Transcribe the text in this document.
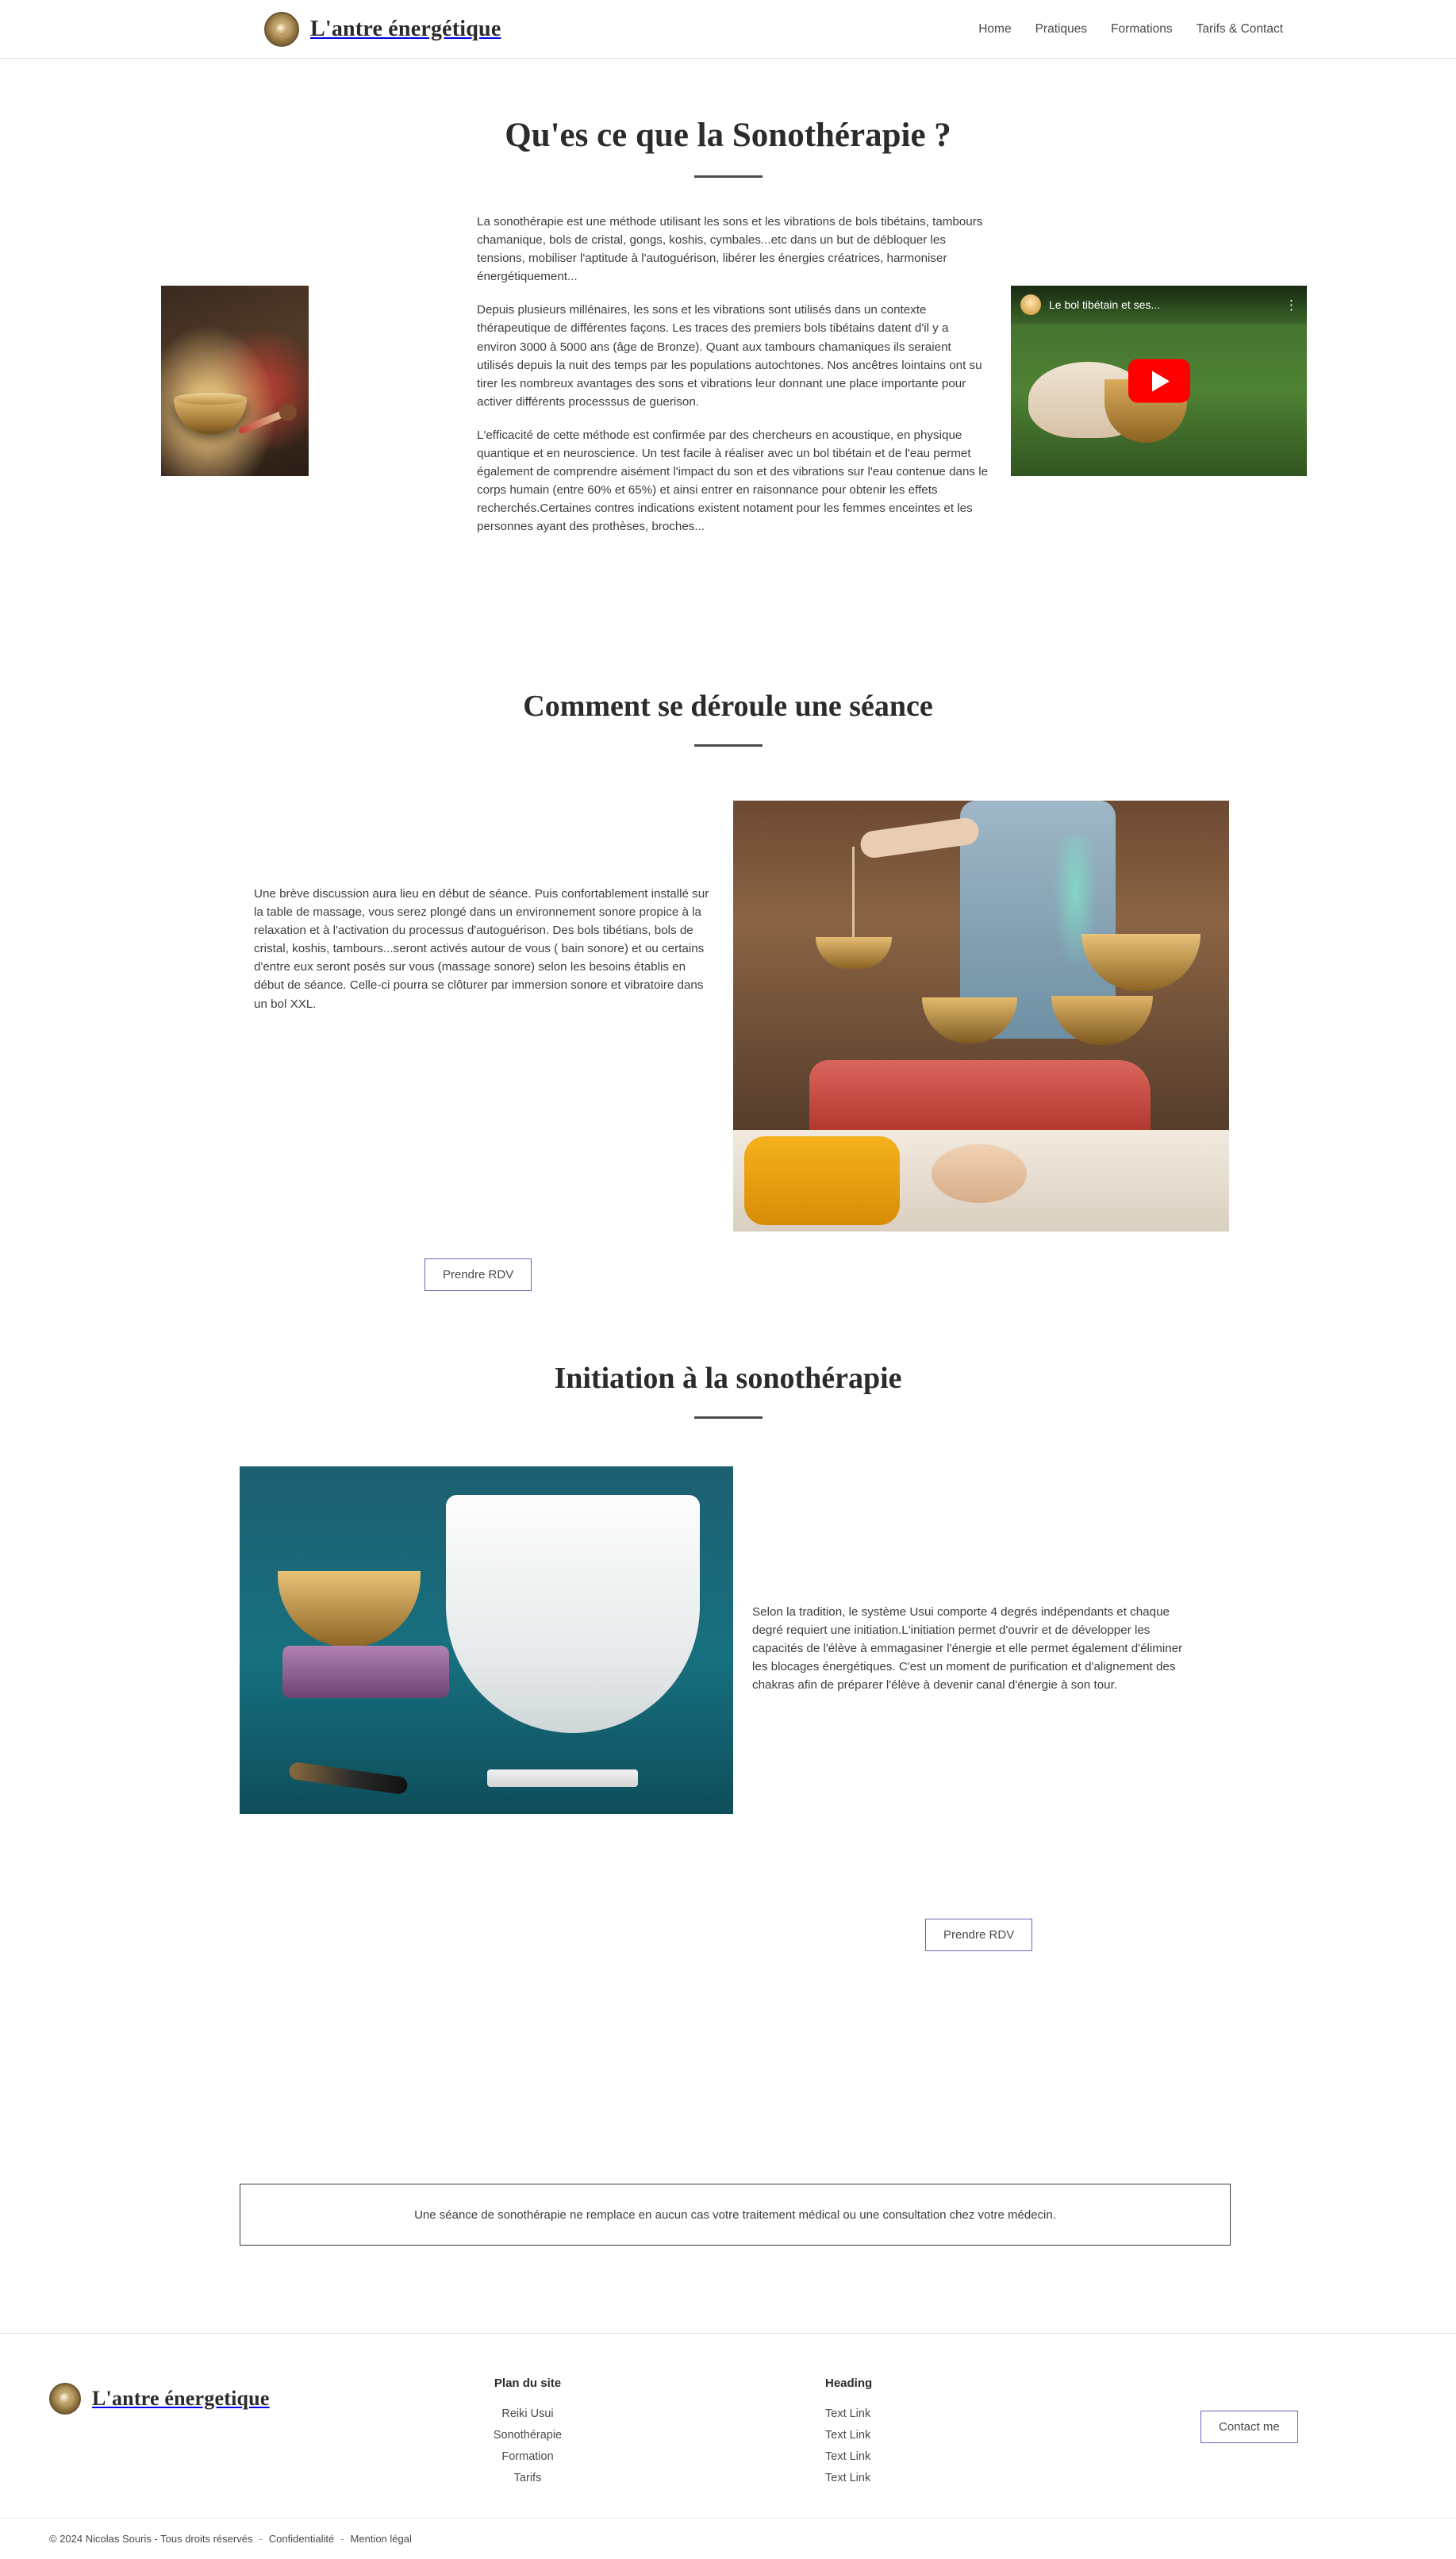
L'antre énergétique	Home Pratiques Formations Tarifs & Contact
Qu'es ce que la Sonothérapie ?

La sonothérapie est une méthode utilisant les sons et les vibrations de bols tibétains, tambours chamanique, bols de cristal, gongs, koshis, cymbales...etc dans un but de débloquer les tensions, mobiliser l'aptitude à l'autoguérison, libérer les énergies créatrices, harmoniser énergétiquement...

Depuis plusieurs millénaires, les sons et les vibrations sont utilisés dans un contexte thérapeutique de différentes façons. Les traces des premiers bols tibétains datent d'il y a environ 3000 à 5000 ans (âge de Bronze). Quant aux tambours chamaniques ils seraient utilisés depuis la nuit des temps par les populations autochtones. Nos ancêtres lointains ont su tirer les nombreux avantages des sons et vibrations leur donnant une place importante pour activer différents processsus de guerison.

L'efficacité de cette méthode est confirmée par des chercheurs en acoustique, en physique quantique et en neuroscience. Un test facile à réaliser avec un bol tibétain et de l'eau permet également de comprendre aisément l'impact du son et des vibrations sur l'eau contenue dans le corps humain (entre 60% et 65%) et ainsi entrer en raisonnance pour obtenir les effets recherchés.Certaines contres indications existent notament pour les femmes enceintes et les personnes ayant des prothèses, broches...

Le bol tibétain et ses...	⋮
Comment se déroule une séance

Une brève discussion aura lieu en début de séance. Puis confortablement installé sur la table de massage, vous serez plongé dans un environnement sonore propice à la relaxation et à l'activation du processus d'autoguérison. Des bols tibétians, bols de cristal, koshis, tambours...seront activés autour de vous ( bain sonore) et ou certains d'entre eux seront posés sur vous (massage sonore) selon les besoins établis en début de séance. Celle-ci pourra se clôturer par immersion sonore et vibratoire dans un bol XXL.

Prendre RDV
Initiation à la sonothérapie

Selon la tradition, le système Usui comporte 4 degrés indépendants et chaque degré requiert une initiation.L'initiation permet d'ouvrir et de développer les capacités de l'élève à emmagasiner l'énergie et elle permet également d'éliminer les blocages énergétiques. C'est un moment de purification et d'alignement des chakras afin de préparer l'élève à devenir canal d'énergie à son tour.

Prendre RDV
Une séance de sonothérapie ne remplace en aucun cas votre traitement médical ou une consultation chez votre médecin.
L'antre énergetique
Plan du site
Reiki Usui
Sonothérapie
Formation
Tarifs
Heading
Text Link
Text Link
Text Link
Text Link
© 2024 Nicolas Souris - Tous droits réservés - Confidentialité - Mention légal
Contact me
